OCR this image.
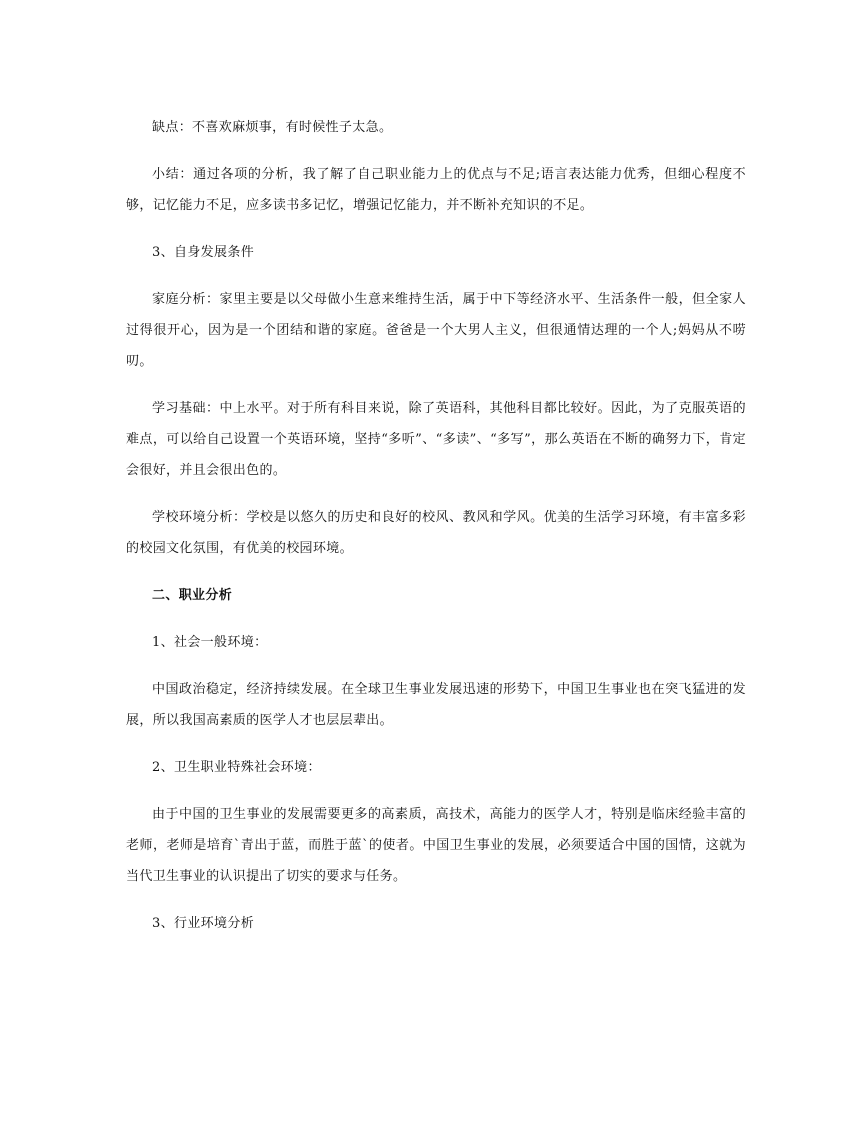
缺点：不喜欢麻烦事，有时候性子太急。

小结：通过各项的分析，我了解了自己职业能力上的优点与不足;语言表达能力优秀，但细心程度不够，记忆能力不足，应多读书多记忆，增强记忆能力，并不断补充知识的不足。

3、自身发展条件

家庭分析：家里主要是以父母做小生意来维持生活，属于中下等经济水平、生活条件一般，但全家人过得很开心，因为是一个团结和谐的家庭。爸爸是一个大男人主义，但很通情达理的一个人;妈妈从不唠叨。

学习基础：中上水平。对于所有科目来说，除了英语科，其他科目都比较好。因此，为了克服英语的难点，可以给自己设置一个英语环境，坚持“多听”、“多读”、“多写”，那么英语在不断的确努力下，肯定会很好，并且会很出色的。

学校环境分析：学校是以悠久的历史和良好的校风、教风和学风。优美的生活学习环境，有丰富多彩的校园文化氛围，有优美的校园环境。

二、职业分析

1、社会一般环境：

中国政治稳定，经济持续发展。在全球卫生事业发展迅速的形势下，中国卫生事业也在突飞猛进的发展，所以我国高素质的医学人才也层层辈出。

2、卫生职业特殊社会环境：

由于中国的卫生事业的发展需要更多的高素质，高技术，高能力的医学人才，特别是临床经验丰富的老师，老师是培育`青出于蓝，而胜于蓝`的使者。中国卫生事业的发展，必须要适合中国的国情，这就为当代卫生事业的认识提出了切实的要求与任务。

3、行业环境分析
